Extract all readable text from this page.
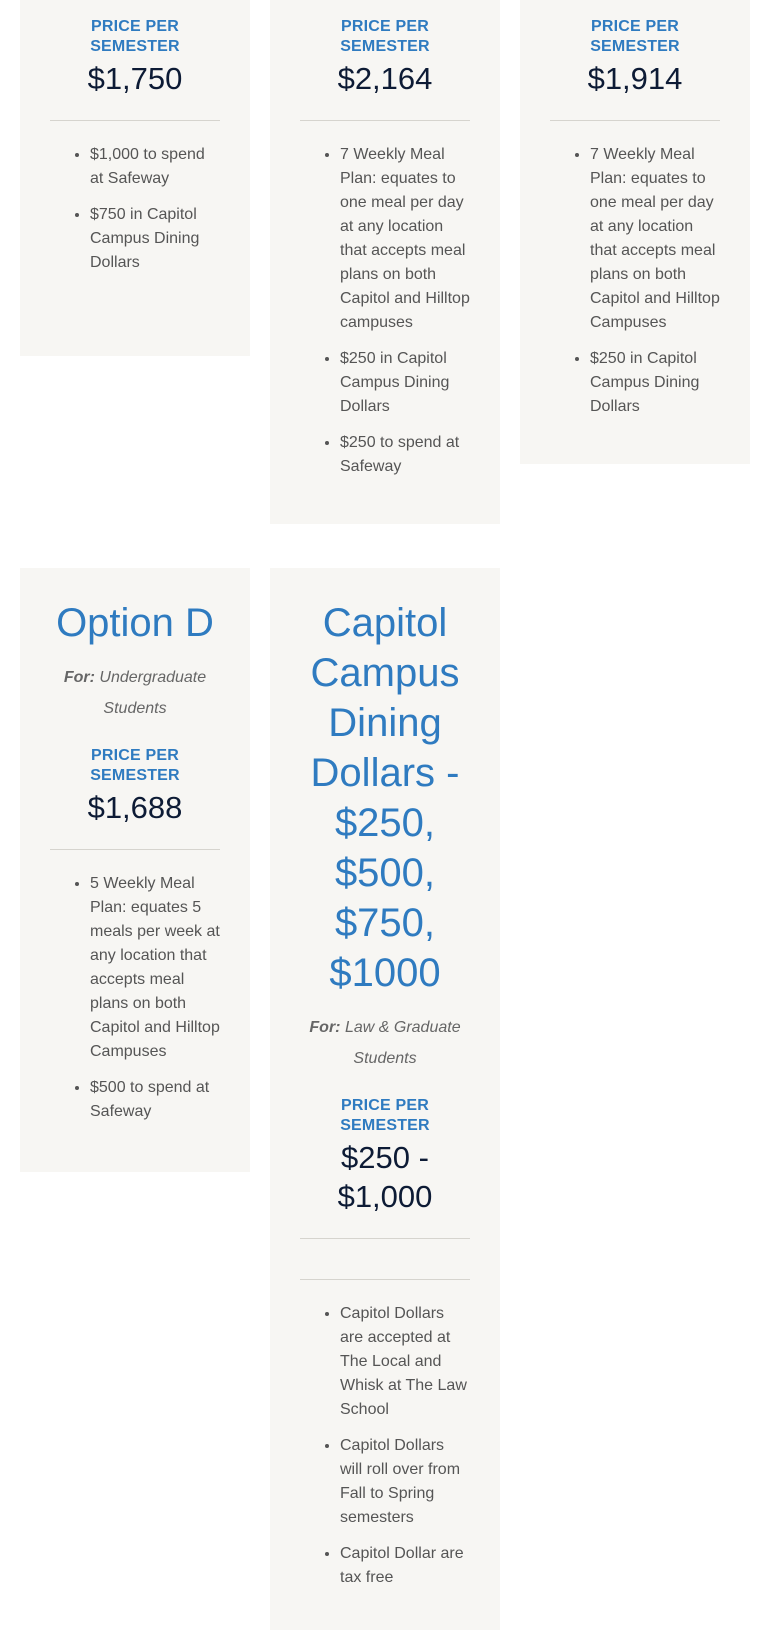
PRICE PER SEMESTER

$1,750

• $1,000 to spend at Safeway
• $750 in Capitol Campus Dining Dollars

PRICE PER SEMESTER

$2,164

• 7 Weekly Meal Plan: equates to one meal per day at any location that accepts meal plans on both Capitol and Hilltop campuses
• $250 in Capitol Campus Dining Dollars
• $250 to spend at Safeway

PRICE PER SEMESTER

$1,914

• 7 Weekly Meal Plan: equates to one meal per day at any location that accepts meal plans on both Capitol and Hilltop Campuses
• $250 in Capitol Campus Dining Dollars
Option D

For: Undergraduate Students

PRICE PER SEMESTER

$1,688

• 5 Weekly Meal Plan: equates 5 meals per week at any location that accepts meal plans on both Capitol and Hilltop Campuses
• $500 to spend at Safeway
Capitol Campus Dining Dollars - $250, $500, $750, $1000

For: Law & Graduate Students

PRICE PER SEMESTER

$250 - $1,000

• Capitol Dollars are accepted at The Local and Whisk at The Law School
• Capitol Dollars will roll over from Fall to Spring semesters
• Capitol Dollar are tax free
